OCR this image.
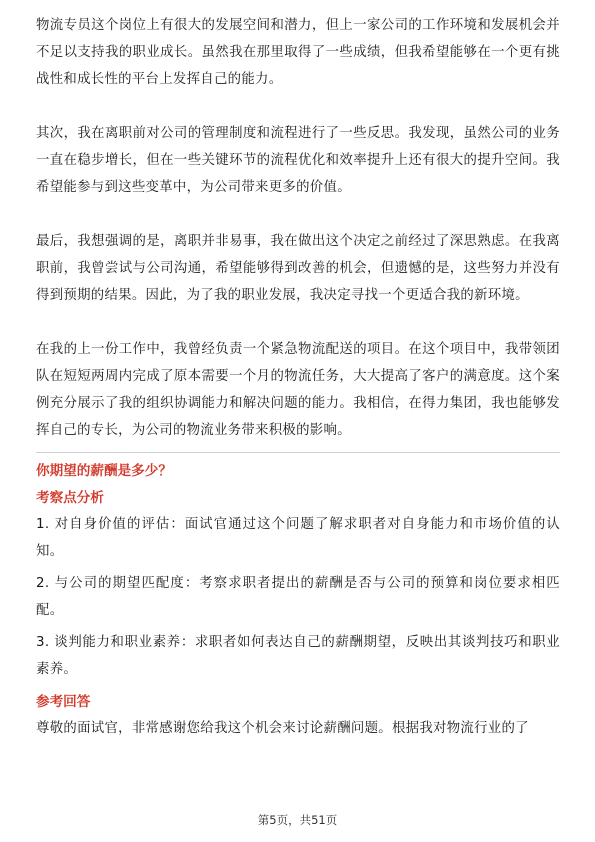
物流专员这个岗位上有很大的发展空间和潜力，但上一家公司的工作环境和发展机会并不足以支持我的职业成长。虽然我在那里取得了一些成绩，但我希望能够在一个更有挑战性和成长性的平台上发挥自己的能力。

其次，我在离职前对公司的管理制度和流程进行了一些反思。我发现，虽然公司的业务一直在稳步增长，但在一些关键环节的流程优化和效率提升上还有很大的提升空间。我希望能参与到这些变革中，为公司带来更多的价值。

最后，我想强调的是，离职并非易事，我在做出这个决定之前经过了深思熟虑。在我离职前，我曾尝试与公司沟通，希望能够得到改善的机会，但遗憾的是，这些努力并没有得到预期的结果。因此，为了我的职业发展，我决定寻找一个更适合我的新环境。

在我的上一份工作中，我曾经负责一个紧急物流配送的项目。在这个项目中，我带领团队在短短两周内完成了原本需要一个月的物流任务，大大提高了客户的满意度。这个案例充分展示了我的组织协调能力和解决问题的能力。我相信，在得力集团，我也能够发挥自己的专长，为公司的物流业务带来积极的影响。

你期望的薪酬是多少？

考察点分析

1. 对自身价值的评估：面试官通过这个问题了解求职者对自身能力和市场价值的认知。

2. 与公司的期望匹配度：考察求职者提出的薪酬是否与公司的预算和岗位要求相匹配。

3. 谈判能力和职业素养：求职者如何表达自己的薪酬期望，反映出其谈判技巧和职业素养。

参考回答

尊敬的面试官，非常感谢您给我这个机会来讨论薪酬问题。根据我对物流行业的了

第5页，共51页
